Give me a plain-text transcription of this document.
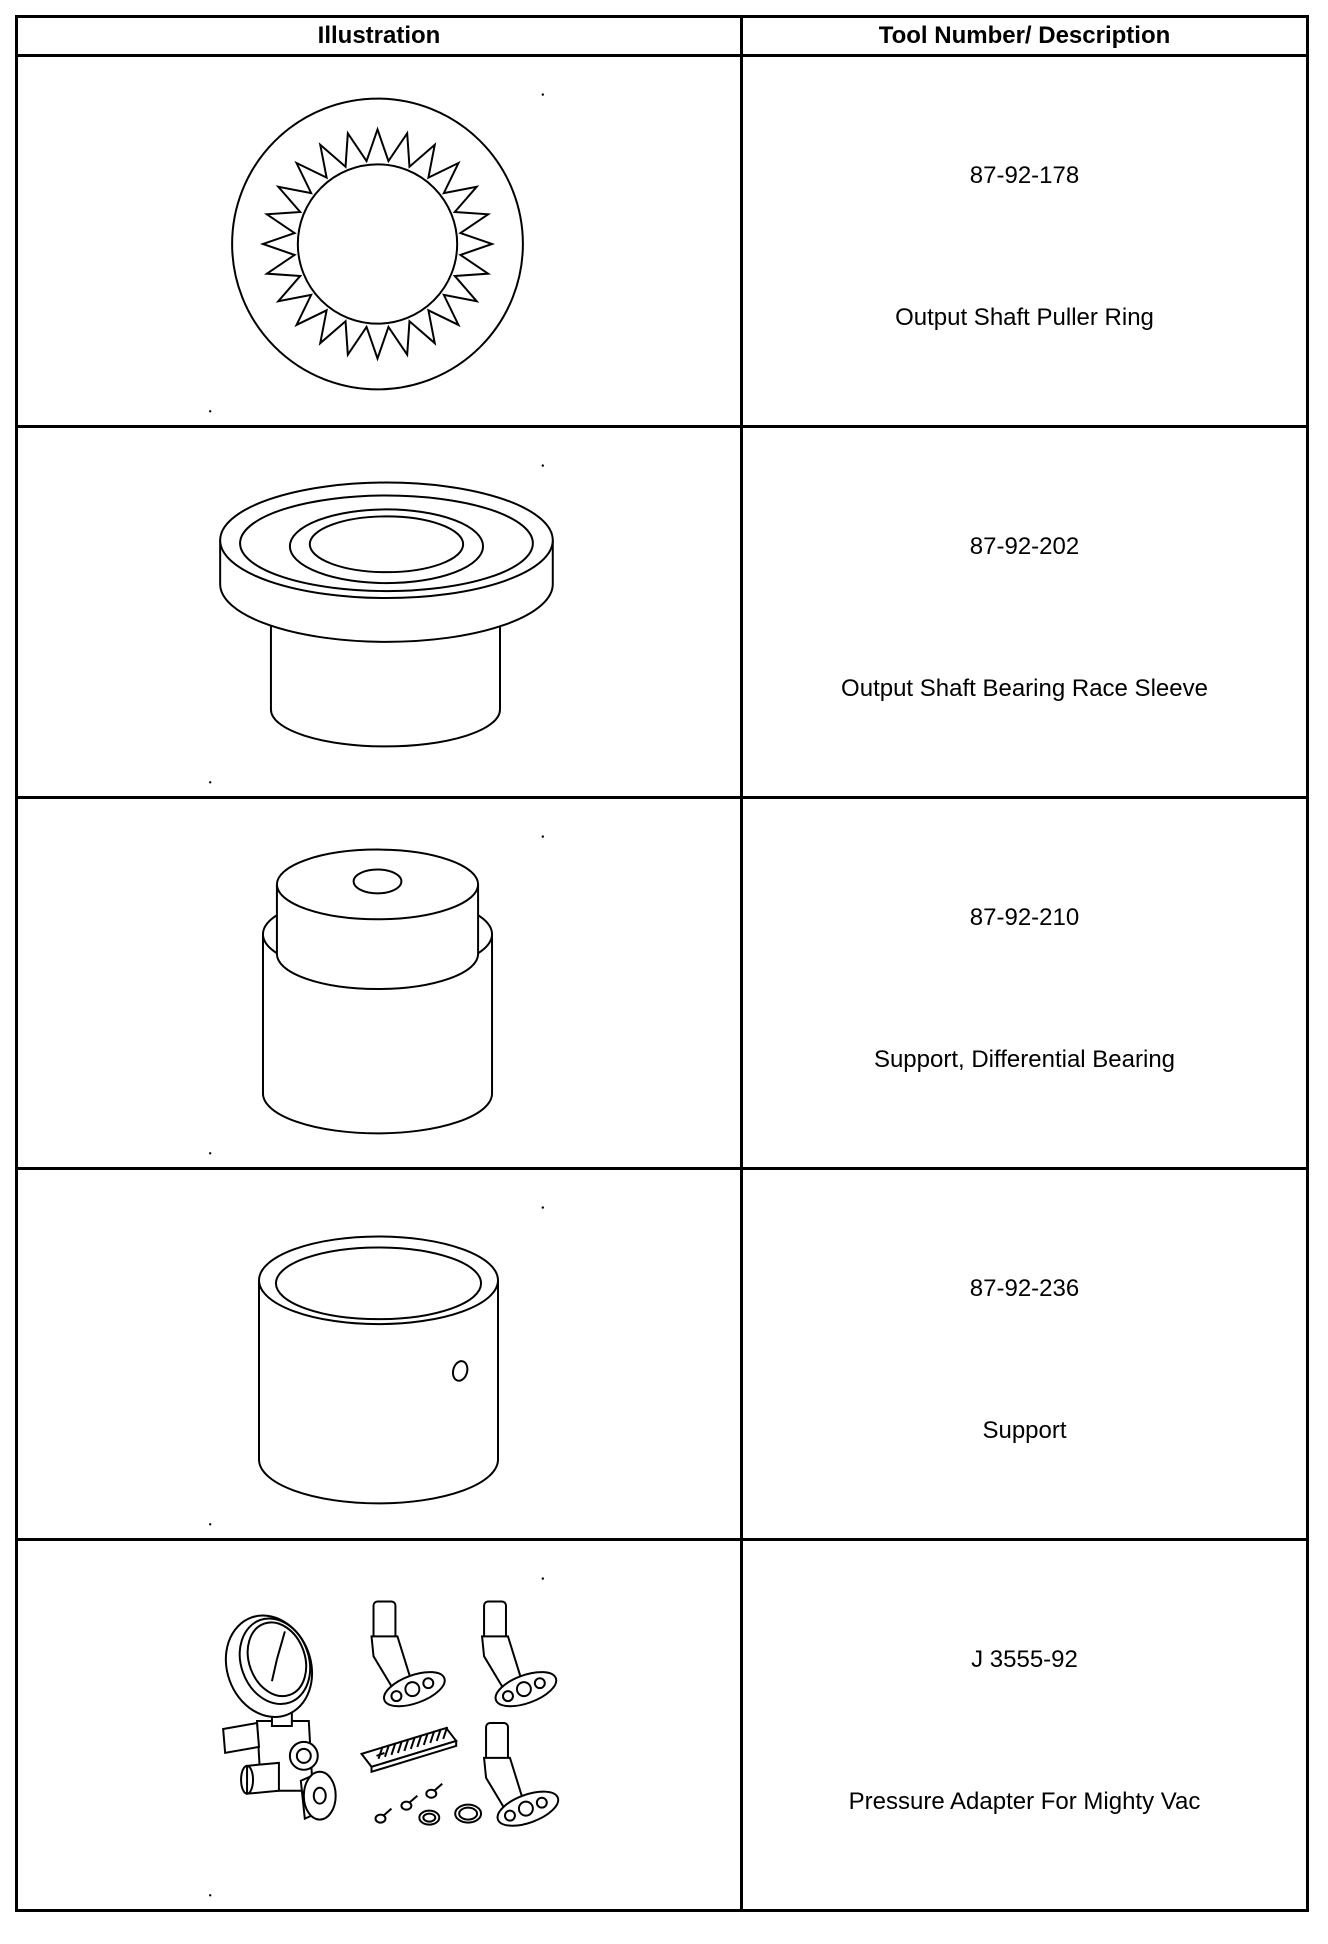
Illustration	Tool Number/ Description

87-92-178
Output Shaft Puller Ring

87-92-202
Output Shaft Bearing Race Sleeve

87-92-210
Support, Differential Bearing

87-92-236
Support

J 3555-92
Pressure Adapter For Mighty Vac
